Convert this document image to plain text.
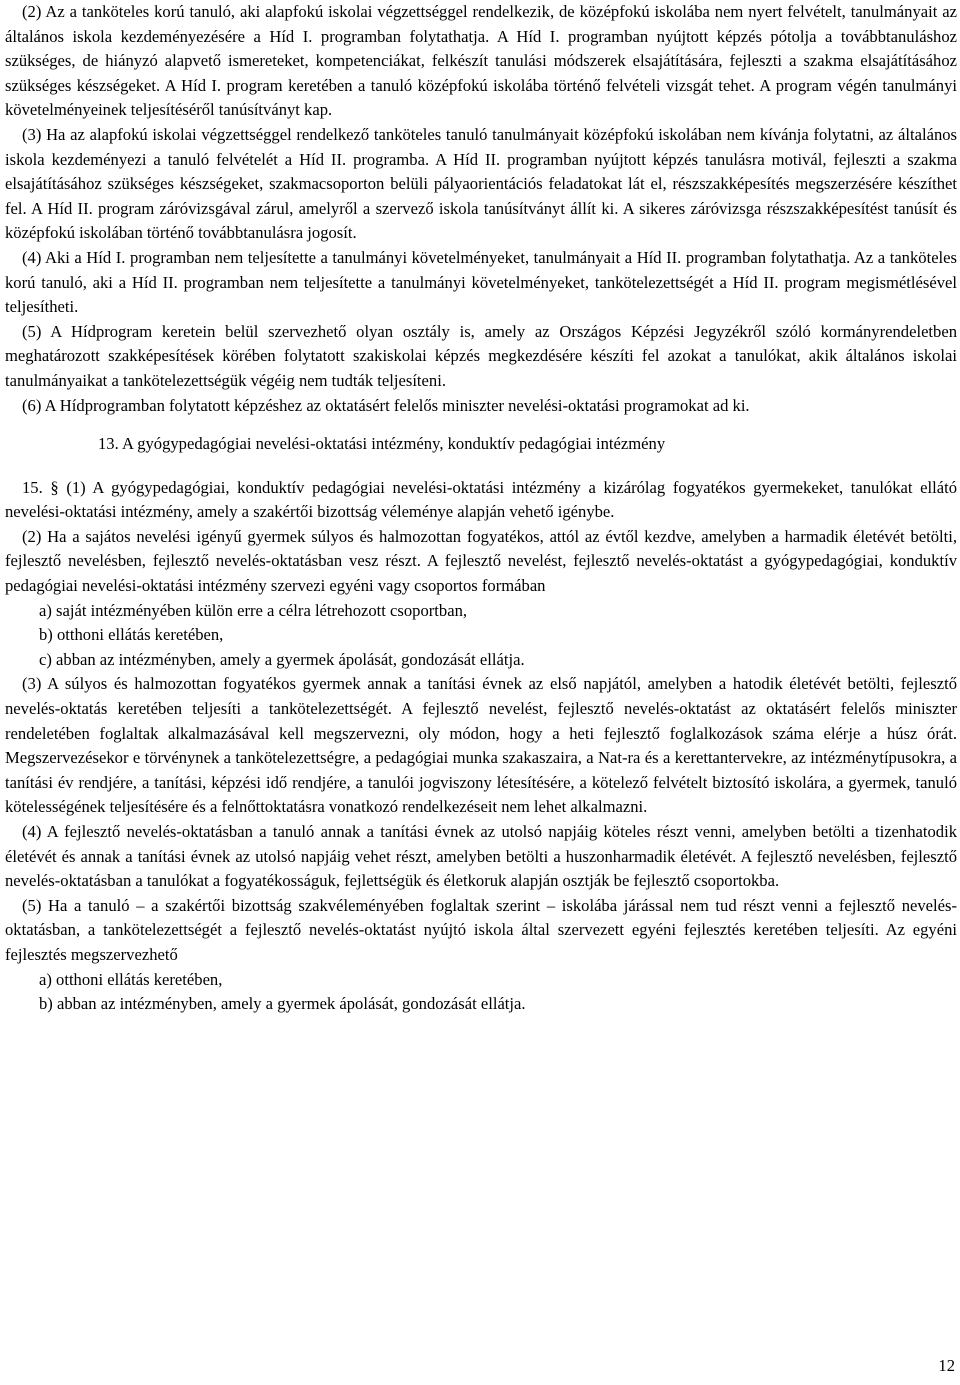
(2) Az a tanköteles korú tanuló, aki alapfokú iskolai végzettséggel rendelkezik, de középfokú iskolába nem nyert felvételt, tanulmányait az általános iskola kezdeményezésére a Híd I. programban folytathatja. A Híd I. programban nyújtott képzés pótolja a továbbtanuláshoz szükséges, de hiányzó alapvető ismereteket, kompetenciákat, felkészít tanulási módszerek elsajátítására, fejleszti a szakma elsajátításához szükséges készségeket. A Híd I. program keretében a tanuló középfokú iskolába történő felvételi vizsgát tehet. A program végén tanulmányi követelményeinek teljesítéséről tanúsítványt kap.

(3) Ha az alapfokú iskolai végzettséggel rendelkező tanköteles tanuló tanulmányait középfokú iskolában nem kívánja folytatni, az általános iskola kezdeményezi a tanuló felvételét a Híd II. programba. A Híd II. programban nyújtott képzés tanulásra motivál, fejleszti a szakma elsajátításához szükséges készségeket, szakmacsoporton belüli pályaorientációs feladatokat lát el, részszakképesítés megszerzésére készíthet fel. A Híd II. program záróvizsgával zárul, amelyről a szervező iskola tanúsítványt állít ki. A sikeres záróvizsga részszakképesítést tanúsít és középfokú iskolában történő továbbtanulásra jogosít.

(4) Aki a Híd I. programban nem teljesítette a tanulmányi követelményeket, tanulmányait a Híd II. programban folytathatja. Az a tanköteles korú tanuló, aki a Híd II. programban nem teljesítette a tanulmányi követelményeket, tankötelezettségét a Híd II. program megismétlésével teljesítheti.

(5) A Hídprogram keretein belül szervezhető olyan osztály is, amely az Országos Képzési Jegyzékről szóló kormányrendeletben meghatározott szakképesítések körében folytatott szakiskolai képzés megkezdésére készíti fel azokat a tanulókat, akik általános iskolai tanulmányaikat a tankötelezettségük végéig nem tudták teljesíteni.

(6) A Hídprogramban folytatott képzéshez az oktatásért felelős miniszter nevelési-oktatási programokat ad ki.

13. A gyógypedagógiai nevelési-oktatási intézmény, konduktív pedagógiai intézmény

15. § (1) A gyógypedagógiai, konduktív pedagógiai nevelési-oktatási intézmény a kizárólag fogyatékos gyermekeket, tanulókat ellátó nevelési-oktatási intézmény, amely a szakértői bizottság véleménye alapján vehető igénybe.

(2) Ha a sajátos nevelési igényű gyermek súlyos és halmozottan fogyatékos, attól az évtől kezdve, amelyben a harmadik életévét betölti, fejlesztő nevelésben, fejlesztő nevelés-oktatásban vesz részt. A fejlesztő nevelést, fejlesztő nevelés-oktatást a gyógypedagógiai, konduktív pedagógiai nevelési-oktatási intézmény szervezi egyéni vagy csoportos formában

a) saját intézményében külön erre a célra létrehozott csoportban,

b) otthoni ellátás keretében,

c) abban az intézményben, amely a gyermek ápolását, gondozását ellátja.

(3) A súlyos és halmozottan fogyatékos gyermek annak a tanítási évnek az első napjától, amelyben a hatodik életévét betölti, fejlesztő nevelés-oktatás keretében teljesíti a tankötelezettségét. A fejlesztő nevelést, fejlesztő nevelés-oktatást az oktatásért felelős miniszter rendeletében foglaltak alkalmazásával kell megszervezni, oly módon, hogy a heti fejlesztő foglalkozások száma elérje a húsz órát. Megszervezésekor e törvénynek a tankötelezettségre, a pedagógiai munka szakaszaira, a Nat-ra és a kerettantervekre, az intézménytípusokra, a tanítási év rendjére, a tanítási, képzési idő rendjére, a tanulói jogviszony létesítésére, a kötelező felvételt biztosító iskolára, a gyermek, tanuló kötelességének teljesítésére és a felnőttoktatásra vonatkozó rendelkezéseit nem lehet alkalmazni.

(4) A fejlesztő nevelés-oktatásban a tanuló annak a tanítási évnek az utolsó napjáig köteles részt venni, amelyben betölti a tizenhatodik életévét és annak a tanítási évnek az utolsó napjáig vehet részt, amelyben betölti a huszonharmadik életévét. A fejlesztő nevelésben, fejlesztő nevelés-oktatásban a tanulókat a fogyatékosságuk, fejlettségük és életkoruk alapján osztják be fejlesztő csoportokba.

(5) Ha a tanuló – a szakértői bizottság szakvéleményében foglaltak szerint – iskolába járással nem tud részt venni a fejlesztő nevelés-oktatásban, a tankötelezettségét a fejlesztő nevelés-oktatást nyújtó iskola által szervezett egyéni fejlesztés keretében teljesíti. Az egyéni fejlesztés megszervezhető

a) otthoni ellátás keretében,

b) abban az intézményben, amely a gyermek ápolását, gondozását ellátja.

12
